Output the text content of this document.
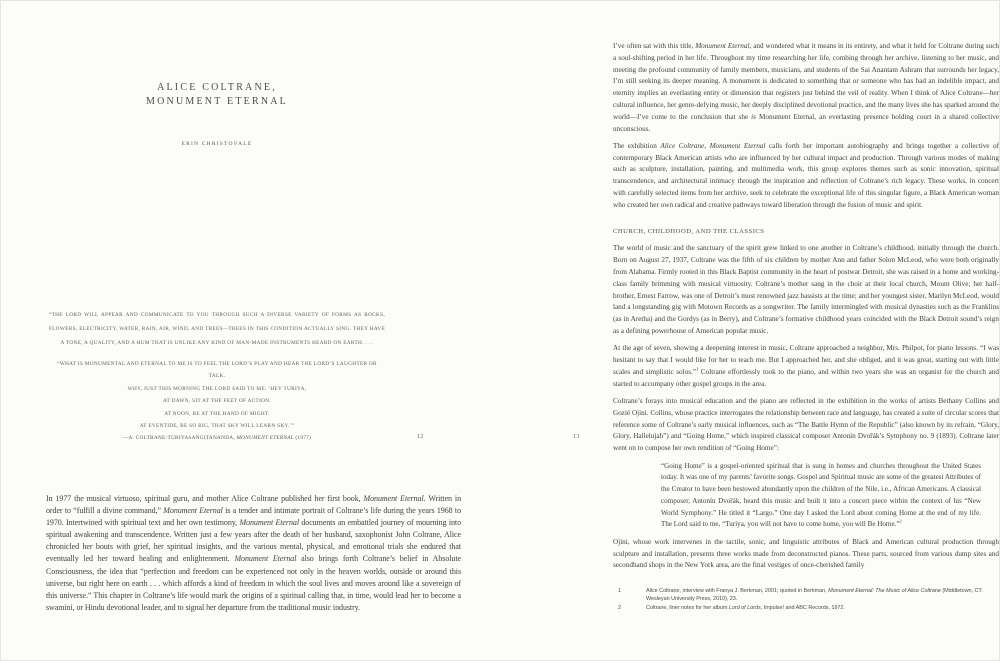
ALICE COLTRANE,
MONUMENT ETERNAL
ERIN CHRISTOVALE
“THE LORD WILL APPEAR AND COMMUNICATE TO YOU THROUGH SUCH A DIVERSE VARIETY OF FORMS AS ROCKS, FLOWERS, ELECTRICITY, WATER, RAIN, AIR, WIND, AND TREES—TREES IN THIS CONDITION ACTUALLY SING. THEY HAVE A TONE, A QUALITY, AND A HUM THAT IS UNLIKE ANY KIND OF MAN-MADE INSTRUMENTS HEARD ON EARTH. . . .
“WHAT IS MONUMENTAL AND ETERNAL TO ME IS TO FEEL THE LORD’S PLAY AND HEAR THE LORD’S LAUGHTER OR TALK.
WHY, JUST THIS MORNING THE LORD SAID TO ME: ‘HEY TURIYA,
AT DAWN, SIT AT THE FEET OF ACTION.
AT NOON, BE AT THE HAND OF MIGHT.
AT EVENTIDE, BE SO BIG, THAT SKY WILL LEARN SKY.’”
—A. COLTRANE-TURIYASANGITANANDA, MONUMENT ETERNAL (1977)	12
In 1977 the musical virtuoso, spiritual guru, and mother Alice Coltrane published her first book, Monument Eternal. Written in order to “fulfill a divine command,” Monument Eternal is a tender and intimate portrait of Coltrane’s life during the years 1968 to 1970. Intertwined with spiritual text and her own testimony, Monument Eternal documents an embattled journey of mourning into spiritual awakening and transcendence. Written just a few years after the death of her husband, saxophonist John Coltrane, Alice chronicled her bouts with grief, her spiritual insights, and the various mental, physical, and emotional trials she endured that eventually led her toward healing and enlightenment. Monument Eternal also brings forth Coltrane’s belief in Absolute Consciousness, the idea that “perfection and freedom can be experienced not only in the heaven worlds, outside or around this universe, but right here on earth . . . which affords a kind of freedom in which the soul lives and moves around like a sovereign of this universe.” This chapter in Coltrane’s life would mark the origins of a spiritual calling that, in time, would lead her to become a swamini, or Hindu devotional leader, and to signal her departure from the traditional music industry.
13

I’ve often sat with this title, Monument Eternal, and wondered what it means in its entirety, and what it held for Coltrane during such a soul-shifting period in her life. Throughout my time researching her life, combing through her archive, listening to her music, and meeting the profound community of family members, musicians, and students of the Sai Anantam Ashram that surrounds her legacy, I’m still seeking its deeper meaning. A monument is dedicated to something that or someone who has had an indelible impact, and eternity implies an everlasting entity or dimension that registers just behind the veil of reality. When I think of Alice Coltrane—her cultural influence, her genre-defying music, her deeply disciplined devotional practice, and the many lives she has sparked around the world—I’ve come to the conclusion that she is Monument Eternal, an everlasting presence holding court in a shared collective unconscious.

The exhibition Alice Coltrane, Monument Eternal calls forth her important autobiography and brings together a collective of contemporary Black American artists who are influenced by her cultural impact and production. Through various modes of making such as sculpture, installation, painting, and multimedia work, this group explores themes such as sonic innovation, spiritual transcendence, and architectural intimacy through the inspiration and reflection of Coltrane’s rich legacy. These works, in concert with carefully selected items from her archive, seek to celebrate the exceptional life of this singular figure, a Black American woman who created her own radical and creative pathways toward liberation through the fusion of music and spirit.

CHURCH, CHILDHOOD, AND THE CLASSICS

The world of music and the sanctuary of the spirit grew linked to one another in Coltrane’s childhood, initially through the church. Born on August 27, 1937, Coltrane was the fifth of six children by mother Ann and father Solon McLeod, who were both originally from Alabama. Firmly rooted in this Black Baptist community in the heart of postwar Detroit, she was raised in a home and working-class family brimming with musical virtuosity. Coltrane’s mother sang in the choir at their local church, Mount Olive; her half-brother, Ernest Farrow, was one of Detroit’s most renowned jazz bassists at the time; and her youngest sister, Marilyn McLeod, would land a longstanding gig with Motown Records as a songwriter. The family intermingled with musical dynasties such as the Franklins (as in Aretha) and the Gordys (as in Berry), and Coltrane’s formative childhood years coincided with the Black Detroit sound’s reign as a defining powerhouse of American popular music.

At the age of seven, showing a deepening interest in music, Coltrane approached a neighbor, Mrs. Philpot, for piano lessons. “I was hesitant to say that I would like for her to teach me. But I approached her, and she obliged, and it was great, starting out with little scales and simplistic solos.”$^1$ Coltrane effortlessly took to the piano, and within two years she was an organist for the church and started to accompany other gospel groups in the area.

Coltrane’s forays into musical education and the piano are reflected in the exhibition in the works of artists Bethany Collins and Gozié Ojini. Collins, whose practice interrogates the relationship between race and language, has created a suite of circular scores that reference some of Coltrane’s early musical influences, such as “The Battle Hymn of the Republic” (also known by its refrain, “Glory, Glory, Hallelujah”) and “Going Home,” which inspired classical composer Antonín Dvořák’s Symphony no. 9 (1893). Coltrane later went on to compose her own rendition of “Going Home”:

“Going Home” is a gospel-oriented spiritual that is sung in homes and churches throughout the United States today. It was one of my parents’ favorite songs. Gospel and Spiritual music are some of the greatest Attributes of the Creator to have been bestowed abundantly upon the children of the Nile, i.e., African Americans. A classical composer, Antonín Dvořák, heard this music and built it into a concert piece within the context of his “New World Symphony.” He titled it “Largo.” One day I asked the Lord about coming Home at the end of my life. The Lord said to me, “Turiya, you will not have to come home, you will Be Home.”$^2$

Ojini, whose work intervenes in the tactile, sonic, and linguistic attributes of Black and American cultural production through sculpture and installation, presents three works made from deconstructed pianos. These parts, sourced from various dump sites and secondhand shops in the New York area, are the final vestiges of once-cherished family

1	Alice Coltrane, interview with Franya J. Berkman, 2001; quoted in Berkman, Monument Eternal: The Music of Alice Coltrane (Middletown, CT: Wesleyan University Press, 2010), 23.
2	Coltrane, liner notes for her album Lord of Lords, Impulse! and ABC Records, 1972.
